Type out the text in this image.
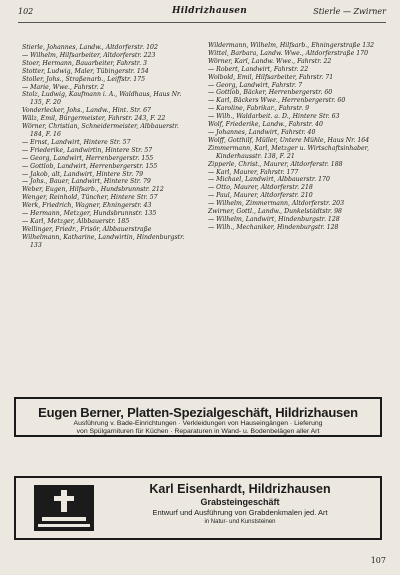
102	Hildrizhausen	Stierle — Zwirner

Stierle, Johannes, Landw., Altdorferstr. 102

— Wilhelm, Hilfsarbeiter, Altdorferstr. 223

Stoer, Hermann, Bauarbeiter, Fahrstr. 3

Stotter, Ludwig, Maler, Tübingerstr. 154

Stoller, Johs., Straßenarb., Leiffstr. 175

— Marie, Wwe., Fahrstr. 2

Stolz, Ludwig, Kaufmann i. A., Waldhaus, Haus Nr. 135, F. 20

Vonderlecker, Johs., Landw., Hint. Str. 67

Wälz, Emil, Bürgermeister, Fahrstr. 243, F. 22

Wörner, Christian, Schneidermeister, Albbauerstr. 184, F. 16

— Ernst, Landwirt, Hintere Str. 57

— Friederike, Landwirtin, Hintere Str. 57

— Georg, Landwirt, Herrenbergerstr. 155

— Gottlob, Landwirt, Herrenbergerstr. 155

— Jakob, alt, Landwirt, Hintere Str. 79

— Johs., Bauer, Landwirt, Hintere Str. 79

Weber, Eugen, Hilfsarb., Hundsbrunnstr. 212

Wenger, Reinhold, Tüncher, Hintere Str. 57

Werk, Friedrich, Wagner, Ehningerstr. 43

— Hermann, Metzger, Hundsbrunnstr. 135

— Karl, Metzger, Albbauerstr. 185

Wellinger, Friedr., Frisör, Albbauerstraße

Wilhelmann, Katharine, Landwirtin, Hindenburgstr. 133

Wildermann, Wilhelm, Hilfsarb., Ehningerstraße 132

Wittel, Barbara, Landw. Wwe., Altdorferstraße 170

Wörner, Karl, Landw. Wwe., Fahrstr. 22

— Robert, Landwirt, Fahrstr. 22

Wolbold, Emil, Hilfsarbeiter, Fahrstr. 71

— Georg, Landwirt, Fahrstr. 7

— Gottlob, Bäcker, Herrenbergerstr. 60

— Karl, Bäckers Wwe., Herrenbergerstr. 60

— Karoline, Fabrikar., Fahrstr. 9

— Wilh., Waldarbeit. a. D., Hintere Str. 63

Wolf, Friederike, Landw., Fahrstr. 40

— Johannes, Landwirt, Fahrstr. 40

Wolff, Gotthilf, Müller, Untere Mühle, Haus Nr. 164

Zimmermann, Karl, Metzger u. Wirtschaftsinhaber, Kinderhausstr. 138, F. 21

Zipperle, Christ., Maurer, Altdorferstr. 188

— Karl, Maurer, Fahrstr. 177

— Michael, Landwirt, Albbauerstr. 170

— Otto, Maurer, Altdorferstr. 218

— Paul, Maurer, Altdorferstr. 210

— Wilhelm, Zimmermann, Altdorferstr. 203

Zwirner, Gottl., Landw., Dunkelstädtstr. 98

— Wilhelm, Landwirt, Hindenburgstr. 128

— Wilh., Mechaniker, Hindenburgstr. 128

Eugen Berner, Platten-Spezialgeschäft, Hildrizhausen
Ausführung v. Bade-Einrichtungen · Verkleidungen von Hauseingängen · Lieferung
von Spülgarnituren für Küchen · Reparaturen in Wand- u. Bodenbelägen aller Art
Karl Eisenhardt, Hildrizhausen
Grabsteingeschäft
Entwurf und Ausführung von Grabdenkmalen jed. Art
in Natur- und Kunststeinen
107
